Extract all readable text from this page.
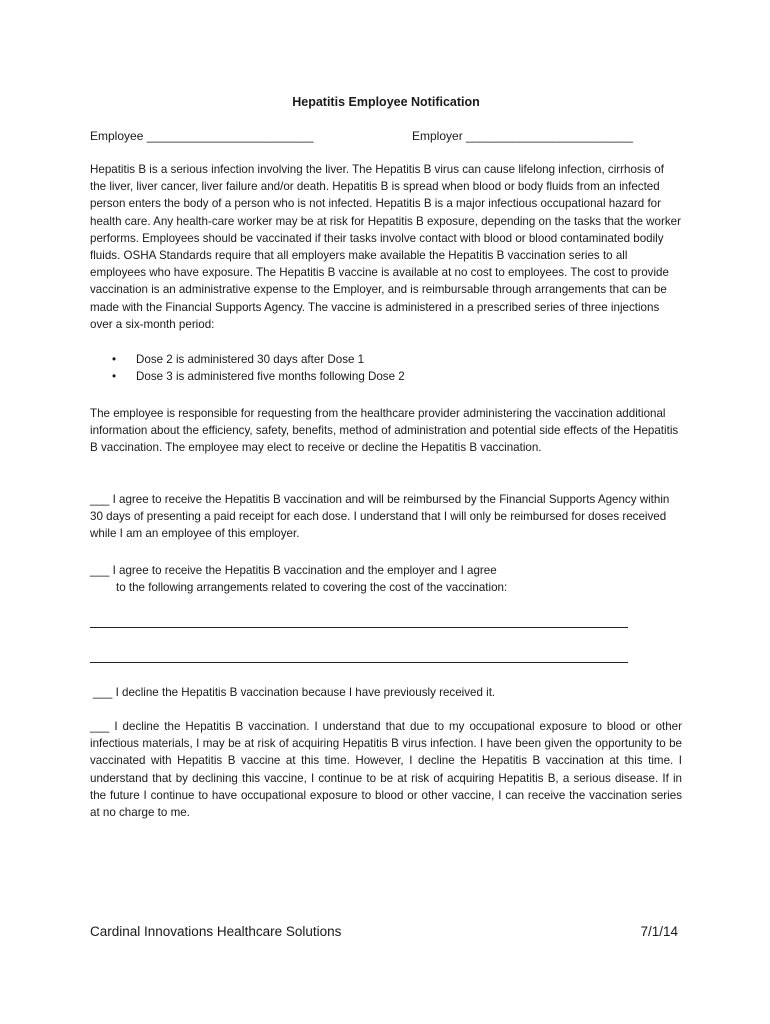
Hepatitis Employee Notification
Employee _________________________	Employer _________________________

Hepatitis B is a serious infection involving the liver. The Hepatitis B virus can cause lifelong infection, cirrhosis of the liver, liver cancer, liver failure and/or death. Hepatitis B is spread when blood or body fluids from an infected person enters the body of a person who is not infected. Hepatitis B is a major infectious occupational hazard for health care. Any health-care worker may be at risk for Hepatitis B exposure, depending on the tasks that the worker performs. Employees should be vaccinated if their tasks involve contact with blood or blood contaminated bodily fluids. OSHA Standards require that all employers make available the Hepatitis B vaccination series to all employees who have exposure. The Hepatitis B vaccine is available at no cost to employees. The cost to provide vaccination is an administrative expense to the Employer, and is reimbursable through arrangements that can be made with the Financial Supports Agency. The vaccine is administered in a prescribed series of three injections over a six-month period:

• Dose 2 is administered 30 days after Dose 1
• Dose 3 is administered five months following Dose 2

The employee is responsible for requesting from the healthcare provider administering the vaccination additional information about the efficiency, safety, benefits, method of administration and potential side effects of the Hepatitis B vaccination. The employee may elect to receive or decline the Hepatitis B vaccination.

___ I agree to receive the Hepatitis B vaccination and will be reimbursed by the Financial Supports Agency within 30 days of presenting a paid receipt for each dose. I understand that I will only be reimbursed for doses received while I am an employee of this employer.

___ I agree to receive the Hepatitis B vaccination and the employer and I agree
to the following arrangements related to covering the cost of the vaccination:

___ I decline the Hepatitis B vaccination because I have previously received it.

___ I decline the Hepatitis B vaccination. I understand that due to my occupational exposure to blood or other infectious materials, I may be at risk of acquiring Hepatitis B virus infection. I have been given the opportunity to be vaccinated with Hepatitis B vaccine at this time. However, I decline the Hepatitis B vaccination at this time. I understand that by declining this vaccine, I continue to be at risk of acquiring Hepatitis B, a serious disease. If in the future I continue to have occupational exposure to blood or other vaccine, I can receive the vaccination series at no charge to me.

Cardinal Innovations Healthcare Solutions	7/1/14
